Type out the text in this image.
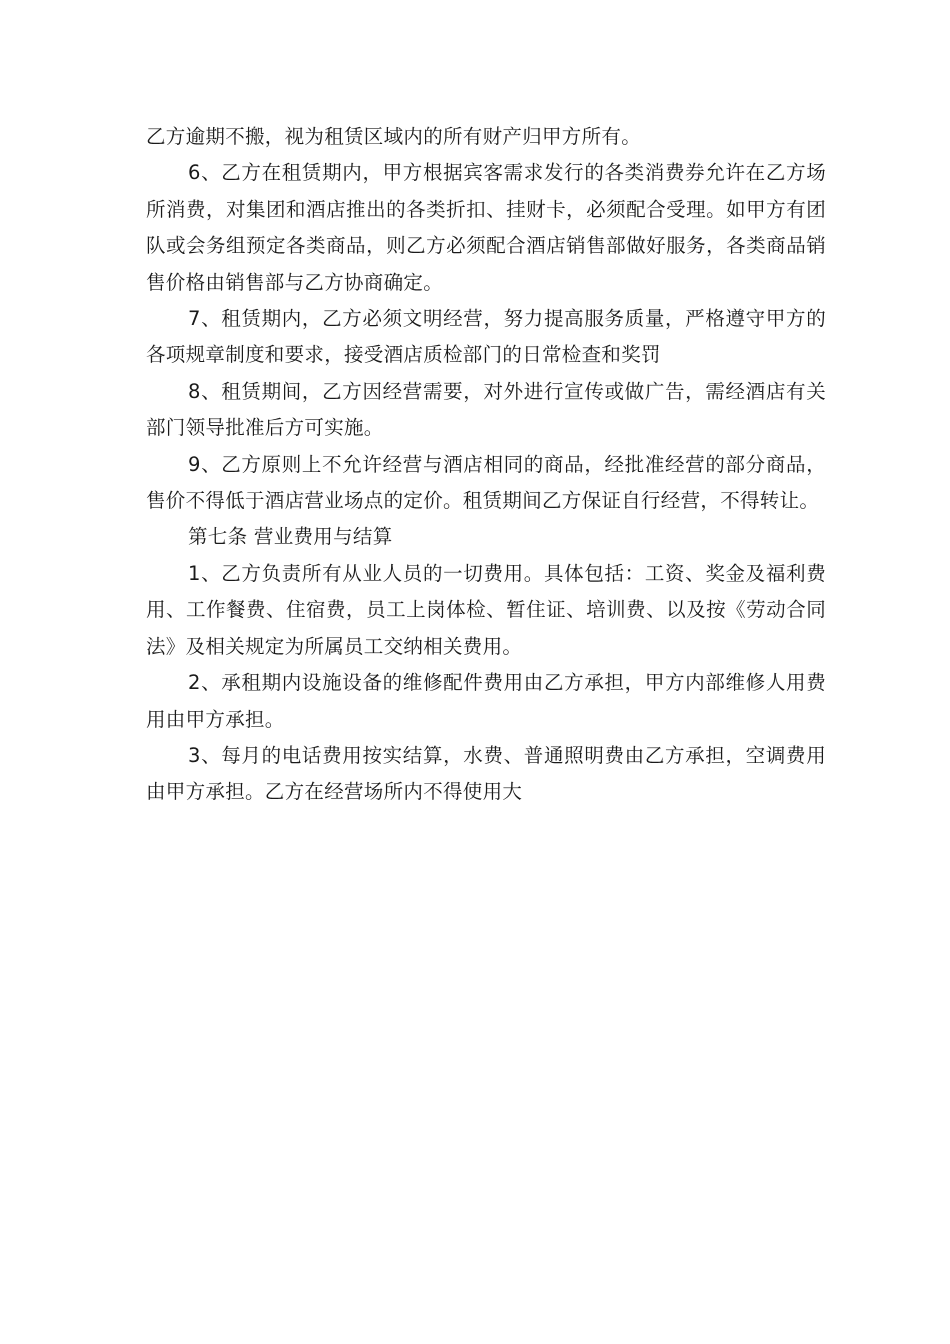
乙方逾期不搬，视为租赁区域内的所有财产归甲方所有。

6、乙方在租赁期内，甲方根据宾客需求发行的各类消费券允许在乙方场所消费，对集团和酒店推出的各类折扣、挂财卡，必须配合受理。如甲方有团队或会务组预定各类商品，则乙方必须配合酒店销售部做好服务，各类商品销售价格由销售部与乙方协商确定。

7、租赁期内，乙方必须文明经营，努力提高服务质量，严格遵守甲方的各项规章制度和要求，接受酒店质检部门的日常检查和奖罚

8、租赁期间，乙方因经营需要，对外进行宣传或做广告，需经酒店有关部门领导批准后方可实施。

9、乙方原则上不允许经营与酒店相同的商品，经批准经营的部分商品，售价不得低于酒店营业场点的定价。租赁期间乙方保证自行经营，不得转让。

第七条 营业费用与结算

1、乙方负责所有从业人员的一切费用。具体包括：工资、奖金及福利费用、工作餐费、住宿费，员工上岗体检、暂住证、培训费、以及按《劳动合同法》及相关规定为所属员工交纳相关费用。

2、承租期内设施设备的维修配件费用由乙方承担，甲方内部维修人用费用由甲方承担。

3、每月的电话费用按实结算，水费、普通照明费由乙方承担，空调费用由甲方承担。乙方在经营场所内不得使用大
